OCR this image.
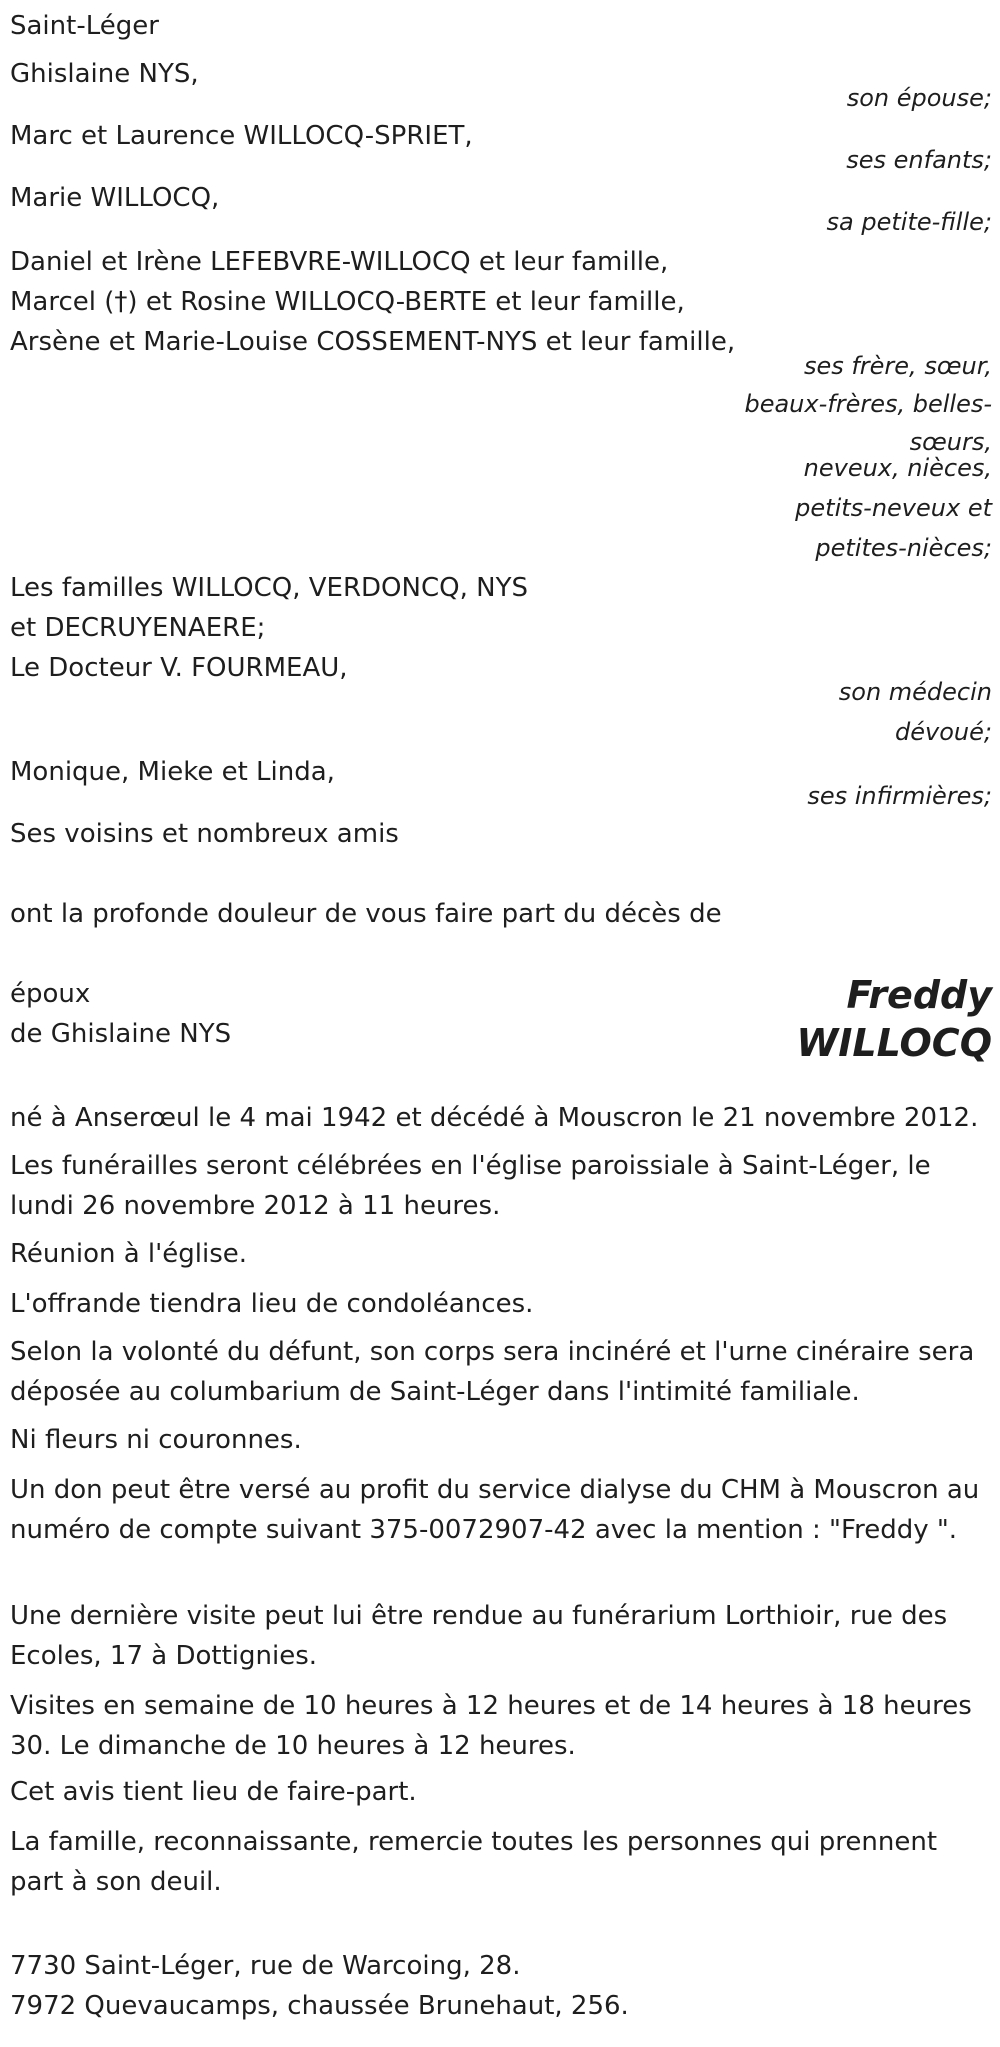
Saint-Léger
Ghislaine NYS,
son épouse;
Marc et Laurence WILLOCQ-SPRIET,
ses enfants;
Marie WILLOCQ,
sa petite-fille;
Daniel et Irène LEFEBVRE-WILLOCQ et leur famille,
Marcel (†) et Rosine WILLOCQ-BERTE et leur famille,
Arsène et Marie-Louise COSSEMENT-NYS et leur famille,
ses frère, sœur,
beaux-frères, belles-
sœurs,
neveux, nièces,
petits-neveux et
petites-nièces;
Les familles WILLOCQ, VERDONCQ, NYS
et DECRUYENAERE;
Le Docteur V. FOURMEAU,
son médecin
dévoué;
Monique, Mieke et Linda,
ses infirmières;
Ses voisins et nombreux amis
ont la profonde douleur de vous faire part du décès de
époux
de Ghislaine NYS
Freddy
WILLOCQ
né à Anserœul le 4 mai 1942 et décédé à Mouscron le 21 novembre 2012.
Les funérailles seront célébrées en l'église paroissiale à Saint-Léger, le lundi 26 novembre 2012 à 11 heures.
Réunion à l'église.
L'offrande tiendra lieu de condoléances.
Selon la volonté du défunt, son corps sera incinéré et l'urne cinéraire sera déposée au columbarium de Saint-Léger dans l'intimité familiale.
Ni fleurs ni couronnes.
Un don peut être versé au profit du service dialyse du CHM à Mouscron au numéro de compte suivant 375-0072907-42 avec la mention : "Freddy ".
Une dernière visite peut lui être rendue au funérarium Lorthioir, rue des Ecoles, 17 à Dottignies.
Visites en semaine de 10 heures à 12 heures et de 14 heures à 18 heures 30. Le dimanche de 10 heures à 12 heures.
Cet avis tient lieu de faire-part.
La famille, reconnaissante, remercie toutes les personnes qui prennent part à son deuil.
7730 Saint-Léger, rue de Warcoing, 28.
7972 Quevaucamps, chaussée Brunehaut, 256.
